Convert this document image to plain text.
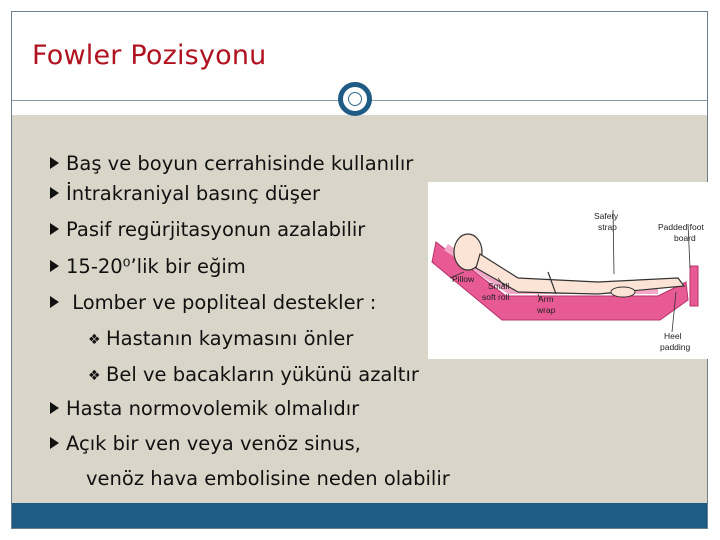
Fowler Pozisyonu
Safety
strap	Padded foot
board
Pillow
Small
soft roll	Arm
wrap
Heel
padding
Baş ve boyun cerrahisinde kullanılır
İntrakraniyal basınç düşer
Pasif regürjitasyonun azalabilir
15-20⁰’lik bir eğim
Lomber ve popliteal destekler :
❖ Hastanın kaymasını önler
❖ Bel ve bacakların yükünü azaltır
Hasta normovolemik olmalıdır
Açık bir ven veya venöz sinus,
venöz hava embolisine neden olabilir
